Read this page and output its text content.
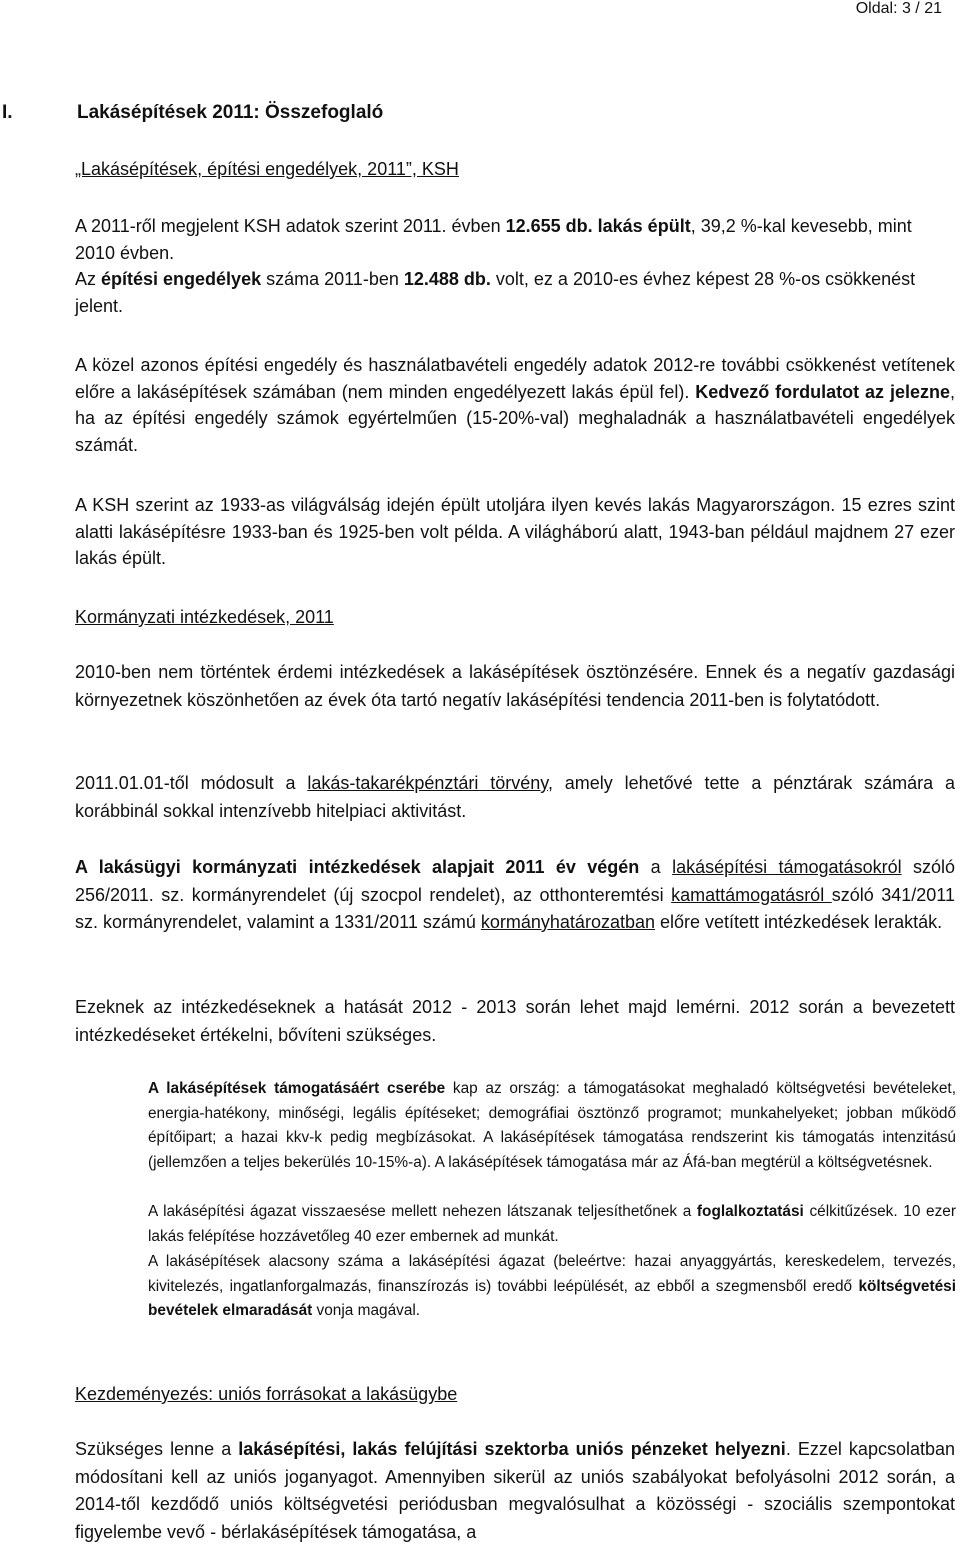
Oldal: 3 / 21
I.	Lakásépítések 2011: Összefoglaló
„Lakásépítések, építési engedélyek, 2011”, KSH

A 2011-ről megjelent KSH adatok szerint 2011. évben 12.655 db. lakás épült, 39,2 %-kal kevesebb, mint 2010 évben.
Az építési engedélyek száma 2011-ben 12.488 db. volt, ez a 2010-es évhez képest 28 %-os csökkenést jelent.

A közel azonos építési engedély és használatbavételi engedély adatok 2012-re további csökkenést vetítenek előre a lakásépítések számában (nem minden engedélyezett lakás épül fel). Kedvező fordulatot az jelezne, ha az építési engedély számok egyértelműen (15-20%-val) meghaladnák a használatbavételi engedélyek számát.

A KSH szerint az 1933-as világválság idején épült utoljára ilyen kevés lakás Magyarországon. 15 ezres szint alatti lakásépítésre 1933-ban és 1925-ben volt példa. A világháború alatt, 1943-ban például majdnem 27 ezer lakás épült.

Kormányzati intézkedések, 2011

2010-ben nem történtek érdemi intézkedések a lakásépítések ösztönzésére. Ennek és a negatív gazdasági környezetnek köszönhetően az évek óta tartó negatív lakásépítési tendencia 2011-ben is folytatódott.

2011.01.01-től módosult a lakás-takarékpénztári törvény, amely lehetővé tette a pénztárak számára a korábbinál sokkal intenzívebb hitelpiaci aktivitást.

A lakásügyi kormányzati intézkedések alapjait 2011 év végén a lakásépítési támogatásokról szóló 256/2011. sz. kormányrendelet (új szocpol rendelet), az otthonteremtési kamattámogatásról szóló 341/2011 sz. kormányrendelet, valamint a 1331/2011 számú kormányhatározatban előre vetített intézkedések lerakták.

Ezeknek az intézkedéseknek a hatását 2012 - 2013 során lehet majd lemérni. 2012 során a bevezetett intézkedéseket értékelni, bővíteni szükséges.

A lakásépítések támogatásáért cserébe kap az ország: a támogatásokat meghaladó költségvetési bevételeket, energia-hatékony, minőségi, legális építéseket; demográfiai ösztönző programot; munkahelyeket; jobban működő építőipart; a hazai kkv-k pedig megbízásokat. A lakásépítések támogatása rendszerint kis támogatás intenzitású (jellemzően a teljes bekerülés 10-15%-a). A lakásépítések támogatása már az Áfá-ban megtérül a költségvetésnek.

A lakásépítési ágazat visszaesése mellett nehezen látszanak teljesíthetőnek a foglalkoztatási célkitűzések. 10 ezer lakás felépítése hozzávetőleg 40 ezer embernek ad munkát.

A lakásépítések alacsony száma a lakásépítési ágazat (beleértve: hazai anyaggyártás, kereskedelem, tervezés, kivitelezés, ingatlanforgalmazás, finanszírozás is) további leépülését, az ebből a szegmensből eredő költségvetési bevételek elmaradását vonja magával.

Kezdeményezés: uniós forrásokat a lakásügybe

Szükséges lenne a lakásépítési, lakás felújítási szektorba uniós pénzeket helyezni. Ezzel kapcsolatban módosítani kell az uniós joganyagot. Amennyiben sikerül az uniós szabályokat befolyásolni 2012 során, a 2014-től kezdődő uniós költségvetési periódusban megvalósulhat a közösségi - szociális szempontokat figyelembe vevő - bérlakásépítések támogatása, a
